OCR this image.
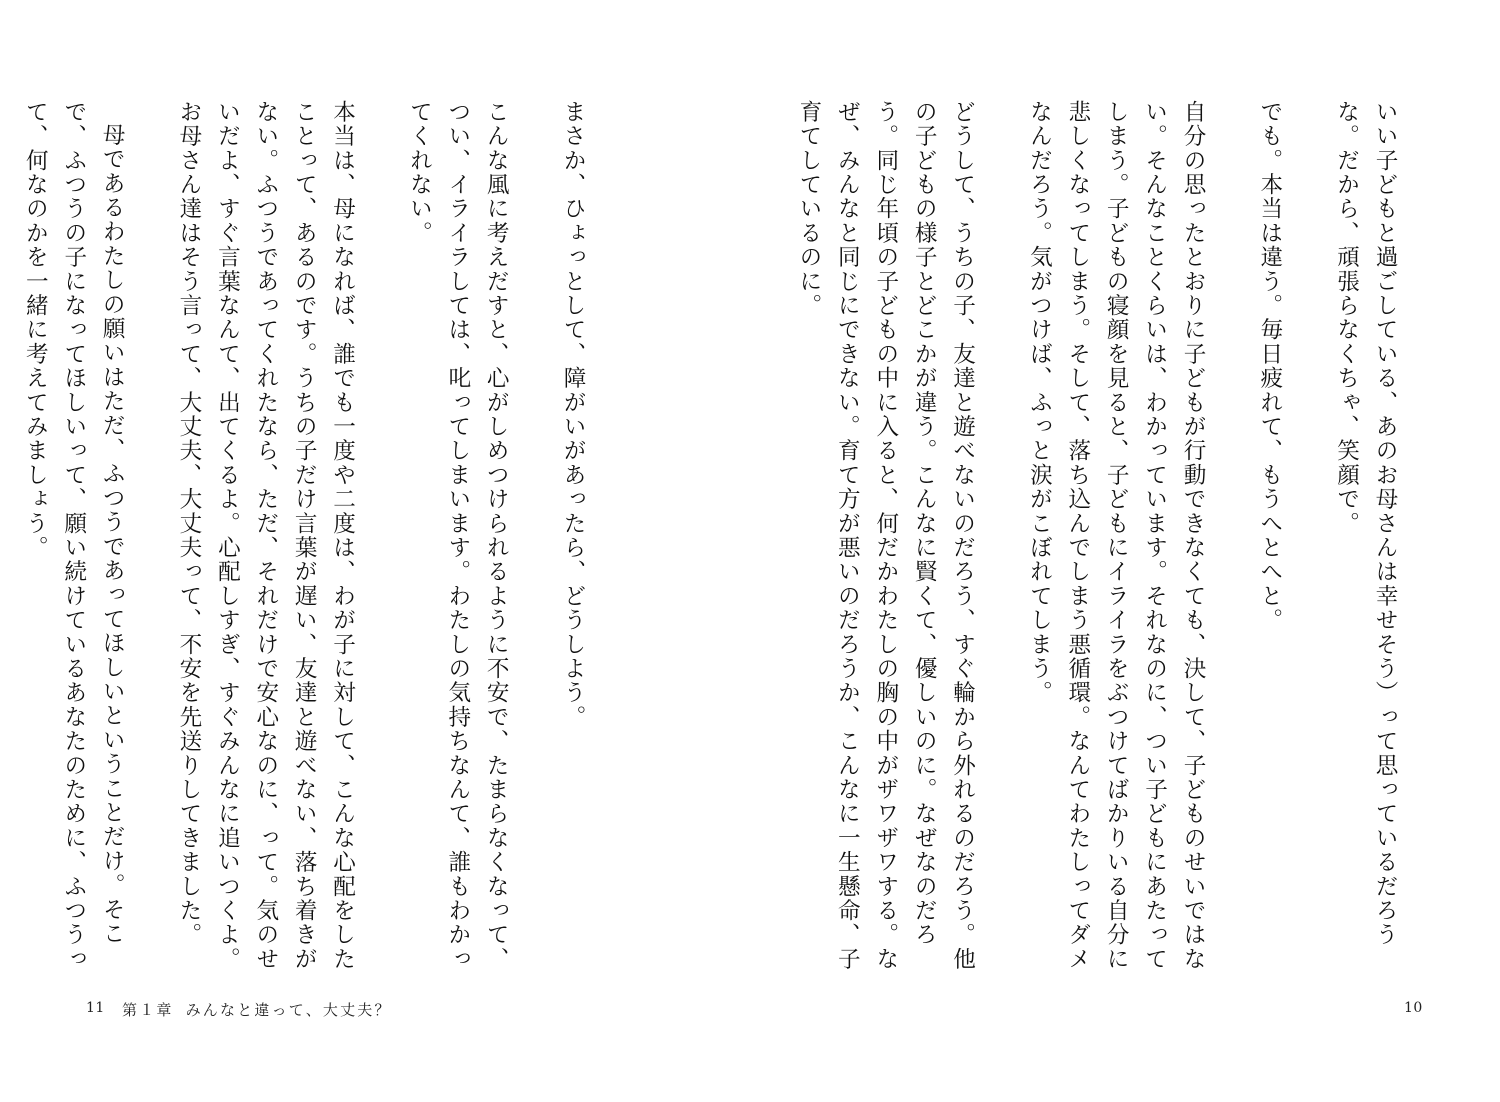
いい子どもと過ごしている、あのお母さんは幸せそう）って思っているだろうな。だから、頑張らなくちゃ、笑顔で。

でも。本当は違う。毎日疲れて、もうへとへと。

自分の思ったとおりに子どもが行動できなくても、決して、子どものせいではない。そんなことくらいは、わかっています。それなのに、つい子どもにあたってしまう。子どもの寝顔を見ると、子どもにイライラをぶつけてばかりいる自分に悲しくなってしまう。そして、落ち込んでしまう悪循環。なんてわたしってダメなんだろう。気がつけば、ふっと涙がこぼれてしまう。

どうして、うちの子、友達と遊べないのだろう、すぐ輪から外れるのだろう。他の子どもの様子とどこかが違う。こんなに賢くて、優しいのに。なぜなのだろう。同じ年頃の子どもの中に入ると、何だかわたしの胸の中がザワザワする。なぜ、みんなと同じにできない。育て方が悪いのだろうか、こんなに一生懸命、子育てしているのに。

10

まさか、ひょっとして、障がいがあったら、どうしよう。

こんな風に考えだすと、心がしめつけられるように不安で、たまらなくなって、つい、イライラしては、叱ってしまいます。わたしの気持ちなんて、誰もわかってくれない。

本当は、母になれば、誰でも一度や二度は、わが子に対して、こんな心配をしたことって、あるのです。うちの子だけ言葉が遅い、友達と遊べない、落ち着きがない。ふつうであってくれたなら、ただ、それだけで安心なのに、って。気のせいだよ、すぐ言葉なんて、出てくるよ。心配しすぎ、すぐみんなに追いつくよ。お母さん達はそう言って、大丈夫、大丈夫って、不安を先送りしてきました。

母であるわたしの願いはただ、ふつうであってほしいということだけ。そこで、ふつうの子になってほしいって、願い続けているあなたのために、ふつうって、何なのかを一緒に考えてみましょう。

11 第１章 みんなと違って、大丈夫？
